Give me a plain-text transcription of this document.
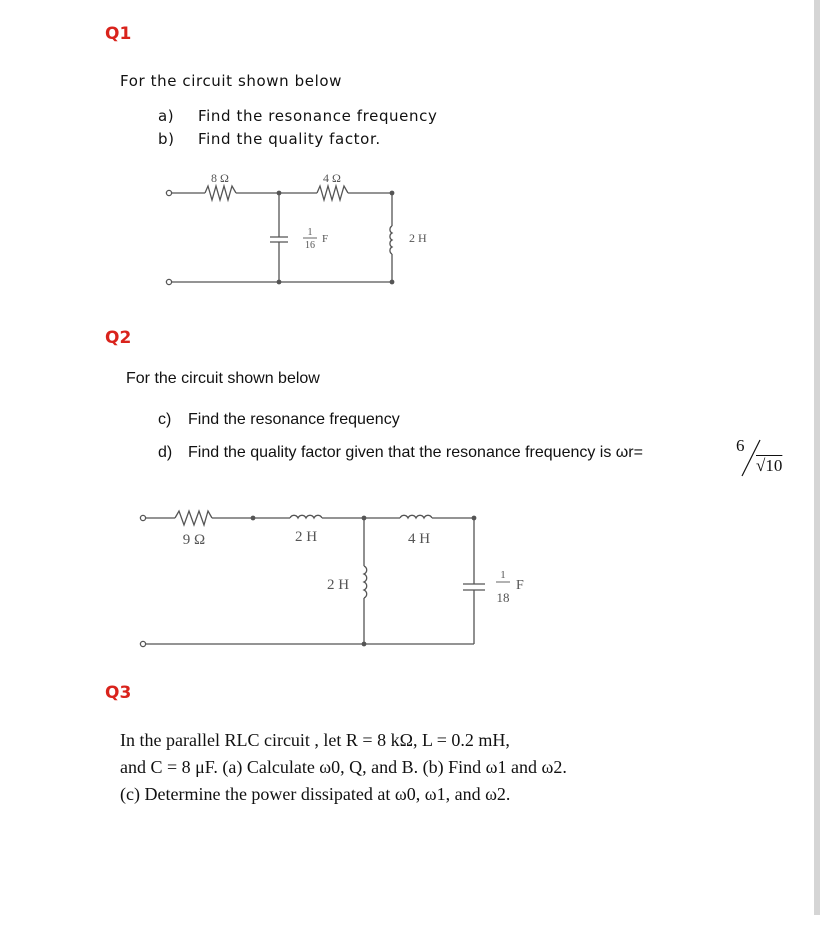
Q1
For the circuit shown below
a) Find the resonance frequency
b) Find the quality factor.
8 Ω	4 Ω
1
16
F	2 H
Q2
For the circuit shown below
c) Find the resonance frequency
d) Find the quality factor given that the resonance frequency is ωr=	6
√10
9 Ω	2 H	4 H
2 H
1
18
F
Q3
In the parallel RLC circuit , let R = 8 kΩ, L = 0.2 mH,
and C = 8 μF. (a) Calculate ω0, Q, and B. (b) Find ω1 and ω2.
(c) Determine the power dissipated at ω0, ω1, and ω2.
